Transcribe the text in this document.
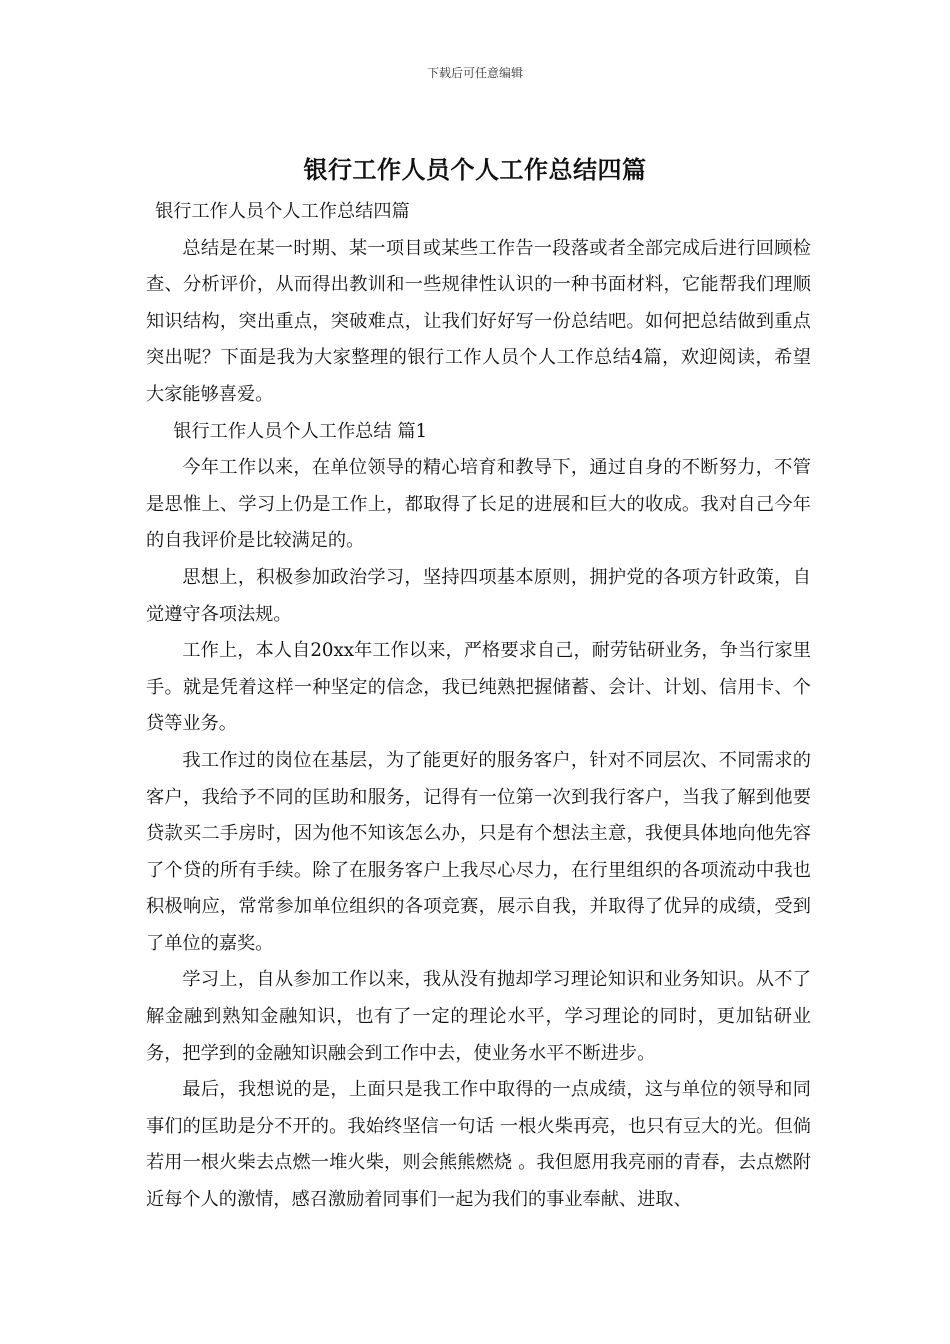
下载后可任意编辑
银行工作人员个人工作总结四篇

银行工作人员个人工作总结四篇

总结是在某一时期、某一项目或某些工作告一段落或者全部完成后进行回顾检查、分析评价，从而得出教训和一些规律性认识的一种书面材料，它能帮我们理顺知识结构，突出重点，突破难点，让我们好好写一份总结吧。如何把总结做到重点突出呢？下面是我为大家整理的银行工作人员个人工作总结4篇，欢迎阅读，希望大家能够喜爱。

银行工作人员个人工作总结 篇1

今年工作以来，在单位领导的精心培育和教导下，通过自身的不断努力，不管是思惟上、学习上仍是工作上，都取得了长足的进展和巨大的收成。我对自己今年的自我评价是比较满足的。

思想上，积极参加政治学习，坚持四项基本原则，拥护党的各项方针政策，自觉遵守各项法规。

工作上，本人自20xx年工作以来，严格要求自己，耐劳钻研业务，争当行家里手。就是凭着这样一种坚定的信念，我已纯熟把握储蓄、会计、计划、信用卡、个贷等业务。

我工作过的岗位在基层，为了能更好的服务客户，针对不同层次、不同需求的客户，我给予不同的匡助和服务，记得有一位第一次到我行客户，当我了解到他要贷款买二手房时，因为他不知该怎么办，只是有个想法主意，我便具体地向他先容了个贷的所有手续。除了在服务客户上我尽心尽力，在行里组织的各项流动中我也积极响应，常常参加单位组织的各项竞赛，展示自我，并取得了优异的成绩，受到了单位的嘉奖。

学习上，自从参加工作以来，我从没有抛却学习理论知识和业务知识。从不了解金融到熟知金融知识，也有了一定的理论水平，学习理论的同时，更加钻研业务，把学到的金融知识融会到工作中去，使业务水平不断进步。

最后，我想说的是，上面只是我工作中取得的一点成绩，这与单位的领导和同事们的匡助是分不开的。我始终坚信一句话 一根火柴再亮，也只有豆大的光。但倘若用一根火柴去点燃一堆火柴，则会熊熊燃烧 。我但愿用我亮丽的青春，去点燃附近每个人的激情，感召激励着同事们一起为我们的事业奉献、进取、
